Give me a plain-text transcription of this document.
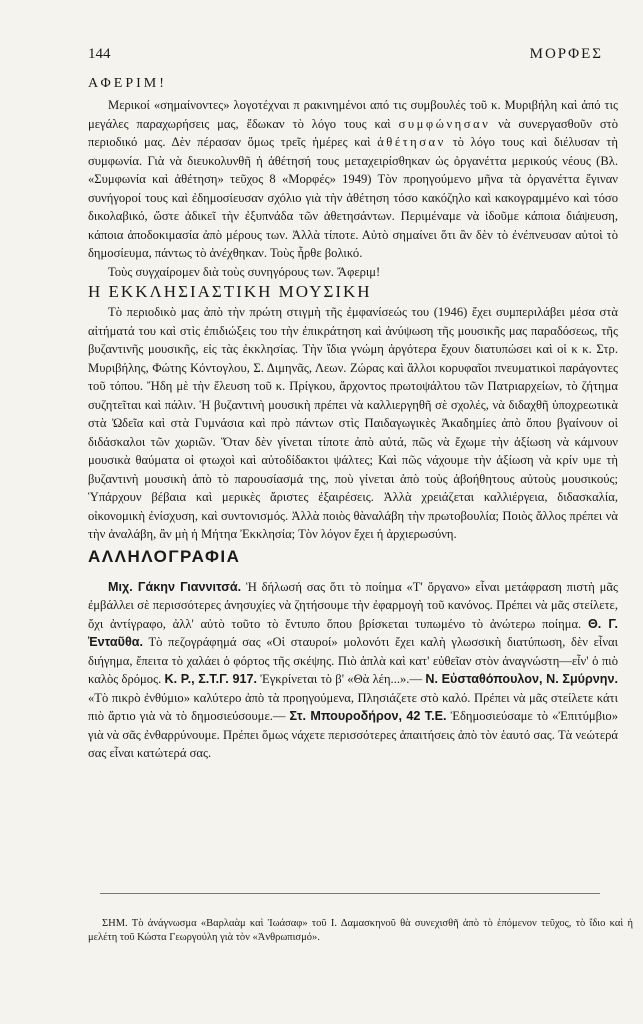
144	ΜΟΡΦΕΣ
ΑΦΕΡΙΜ!

Μερικοί «σημαίνοντες» λογοτέχναι π ρακινημένοι από τις συμβουλές τοῦ κ. Μυριβήλη καὶ ἀπό τις μεγάλες παραχωρήσεις μας, ἔδωκαν τὸ λόγο τους καὶ συμφώνησαν νὰ συνεργασθοῦν στὸ περιοδικό μας. Δὲν πέρασαν ὅμως τρεῖς ἡμέρες καὶ ἀθέτησαν τὸ λόγο τους καὶ διέλυσαν τὴ συμφωνία. Γιὰ νὰ διευκολυνθῆ ἡ ἀθέτησή τους μεταχειρίσθηκαν ὡς ὀργανέττα μερικούς νέους (Βλ. «Συμφωνία καὶ ἀθέτηση» τεῦχος 8 «Μορφές» 1949) Τὸν προηγούμενο μῆνα τὰ ὀργανέττα ἔγιναν συνήγοροί τους καὶ ἐδημοσίευσαν σχόλιο γιὰ τὴν ἀθέτηση τόσο κακόζηλο καὶ κακογραμμένο καὶ τόσο δικολαβικό, ὥστε ἀδικεῖ τὴν ἐξυπνάδα τῶν ἀθετησάντων. Περιμέναμε νὰ ἰδοῦμε κάποια διάψευση, κάποια ἀποδοκιμασία ἀπὸ μέρους των. Ἀλλὰ τίποτε. Αὐτὸ σημαίνει ὅτι ἂν δὲν τὸ ἐνέπνευσαν αὐτοὶ τὸ δημοσίευμα, πάντως τὸ ἀνέχθηκαν. Τοὺς ἦρθε βολικό.

Τοὺς συγχαίρομεν διὰ τοὺς συνηγόρους των. Ἄφεριμ!

Η ΕΚΚΛΗΣΙΑΣΤΙΚΗ ΜΟΥΣΙΚΗ

Τὸ περιοδικὸ μας ἀπὸ τὴν πρώτη στιγμὴ τῆς ἐμφανίσεώς του (1946) ἔχει συμπεριλάβει μέσα στὰ αἰτήματά του καὶ στὶς ἐπιδιώξεις του τὴν ἐπικράτηση καὶ ἀνύψωση τῆς μουσικῆς μας παραδόσεως, τῆς βυζαντινῆς μουσικῆς, εἰς τὰς ἐκκλησίας. Τὴν ἴδια γνώμη ἀργότερα ἔχουν διατυπώσει καὶ οἱ κ κ. Στρ. Μυριβήλης, Φώτης Κόντογλου, Σ. Διμηνᾶς, Λεων. Ζώρας καὶ ἄλλοι κορυφαῖοι πνευματικοὶ παράγοντες τοῦ τόπου. Ἤδη μὲ τὴν ἔλευση τοῦ κ. Πρίγκου, ἄρχοντος πρωτοψάλτου τῶν Πατριαρχείων, τὸ ζήτημα συζητεῖται καὶ πάλιν. Ἡ βυζαντινὴ μουσικὴ πρέπει νὰ καλλιεργηθῆ σὲ σχολές, νὰ διδαχθῆ ὑποχρεωτικὰ στὰ Ὠδεῖα καὶ στὰ Γυμνάσια καὶ πρὸ πάντων στὶς Παιδαγωγικὲς Ἀκαδημίες ἀπὸ ὅπου βγαίνουν οἱ διδάσκαλοι τῶν χωριῶν. Ὅταν δὲν γίνεται τίποτε ἀπὸ αὐτά, πῶς νὰ ἔχωμε τὴν ἀξίωση νὰ κάμνουν μουσικὰ θαύματα οἱ φτωχοὶ καὶ αὐτοδίδακτοι ψάλτες; Καὶ πῶς νάχουμε τὴν ἀξίωση νὰ κρίν υμε τὴ βυζαντινὴ μουσικὴ ἀπὸ τὸ παρουσίασμά της, ποὺ γίνεται ἀπὸ τοὺς ἀβοήθητους αὐτοὺς μουσικούς; Ὑπάρχουν βέβαια καὶ μερικὲς ἄριστες ἐξαιρέσεις. Ἀλλὰ χρειάζεται καλλιέργεια, διδασκαλία, οἰκονομικὴ ἐνίσχυση, καὶ συντονισμός. Ἀλλὰ ποιὸς θὰναλάβη τὴν πρωτοβουλία; Ποιὸς ἄλλος πρέπει νὰ τὴν ἀναλάβη, ἂν μὴ ἡ Μήτηα Ἐκκλησία; Τὸν λόγον ἔχει ἡ ἀρχιερωσύνη.

ΑΛΛΗΛΟΓΡΑΦΙΑ

Μιχ. Γάκην Γιαννιτσά. Ἡ δήλωσή σας ὅτι τὸ ποίημα «Τ' ὄργανο» εἶναι μετάφραση πιστὴ μᾶς ἐμβάλλει σὲ περισσότερες ἀνησυχίες νὰ ζητήσουμε τὴν ἐφαρμογὴ τοῦ κανόνος. Πρέπει νὰ μᾶς στείλετε, ὄχι ἀντίγραφο, ἀλλ' αὐτὸ τοῦτο τὸ ἔντυπο ὅπου βρίσκεται τυπωμένο τὸ ἀνώτερω ποίημα. Θ. Γ. Ἐνταῦθα. Τὸ πεζογράφημά σας «Οἱ σταυροί» μολονότι ἔχει καλὴ γλωσσικὴ διατύπωση, δὲν εἶναι διήγημα, ἔπειτα τὸ χαλάει ὁ φόρτος τῆς σκέψης. Πιὸ ἁπλὰ καὶ κατ' εὐθεῖαν στὸν ἀναγνώστη—εἶν' ὁ πιὸ καλὸς δρόμος. Κ. Ρ., Σ.Τ.Γ. 917. Ἐγκρίνεται τὸ β' «Θὰ λέη...».— Ν. Εὐσταθόπουλον, Ν. Σμύρνην. «Τὸ πικρὸ ἐνθύμιο» καλύτερο ἀπὸ τὰ προηγούμενα, Πλησιάζετε στὸ καλό. Πρέπει νὰ μᾶς στείλετε κάτι πιὸ ἄρτιο γιὰ νὰ τὸ δημοσιεύσουμε.— Στ. Μπουροδήρον, 42 Τ.Ε. Ἐδημοσιεύσαμε τὸ «Ἐπιτύμβιο» γιὰ νὰ σᾶς ἐνθαρρύνουμε. Πρέπει ὅμως νάχετε περισσότερες ἀπαιτήσεις ἀπὸ τὸν ἑαυτό σας. Τὰ νεώτερά σας εἶναι κατώτερά σας.

ΣΗΜ. Τὸ ἀνάγνωσμα «Βαρλαὰμ καὶ Ἰωάσαφ» τοῦ Ι. Δαμασκηνοῦ θὰ συνεχισθῆ ἀπὸ τὸ ἑπόμενον τεῦχος, τὸ ἴδιο καὶ ἡ μελέτη τοῦ Κώστα Γεωργούλη γιὰ τὸν «Ἀνθρωπισμό».
